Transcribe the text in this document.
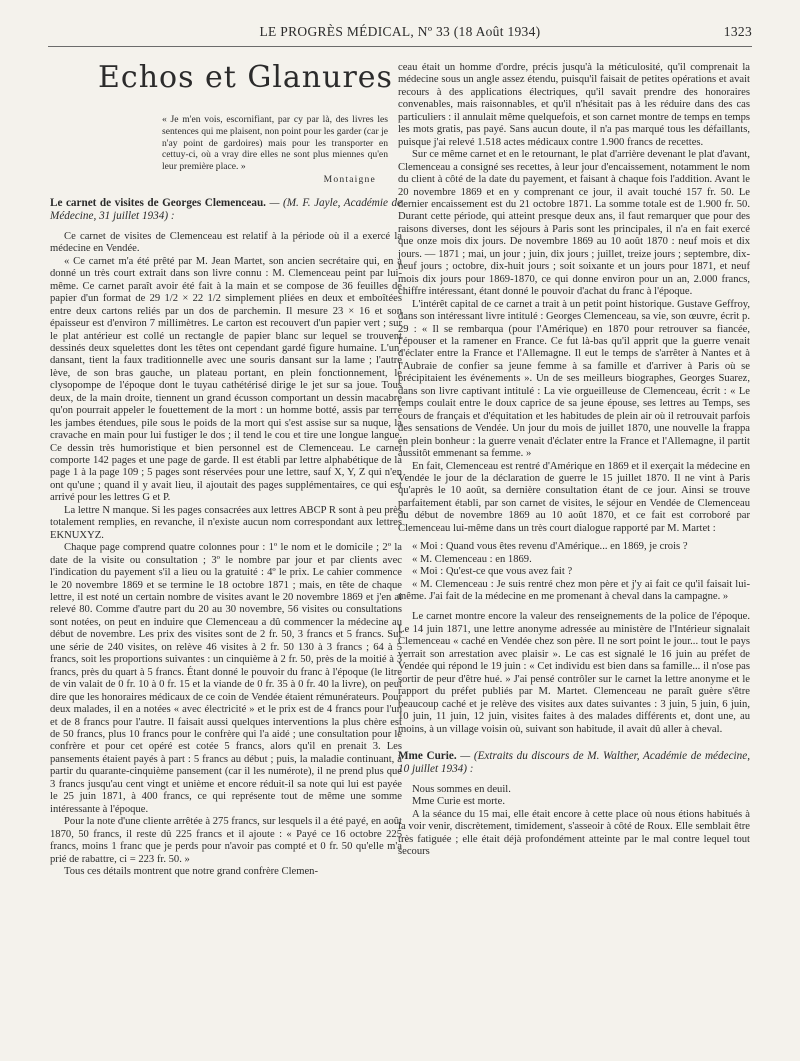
LE PROGRÈS MÉDICAL, Nº 33 (18 Août 1934)	1323
Echos et Glanures
« Je m'en vois, escornifiant, par cy par là, des livres les sentences qui me plaisent, non point pour les garder (car je n'ay point de gardoires) mais pour les transporter en cettuy-ci, où a vray dire elles ne sont plus miennes qu'en leur première place. »
Montaigne
Le carnet de visites de Georges Clemenceau. — (M. F. Jayle, Académie de Médecine, 31 juillet 1934) :

Ce carnet de visites de Clemenceau est relatif à la période où il a exercé la médecine en Vendée.

« Ce carnet m'a été prêté par M. Jean Martet, son ancien secrétaire qui, en a donné un très court extrait dans son livre connu : M. Clemenceau peint par lui-même. Ce carnet paraît avoir été fait à la main et se compose de 36 feuilles de papier d'un format de 29 1/2 × 22 1/2 simplement pliées en deux et emboîtées entre deux cartons reliés par un dos de parchemin. Il mesure 23 × 16 et son épaisseur est d'environ 7 millimètres. Le carton est recouvert d'un papier vert ; sur le plat antérieur est collé un rectangle de papier blanc sur lequel se trouvent dessinés deux squelettes dont les têtes ont cependant gardé figure humaine. L'un, dansant, tient la faux traditionnelle avec une souris dansant sur la lame ; l'autre lève, de son bras gauche, un plateau portant, en plein fonctionnement, le clysopompe de l'époque dont le tuyau cathétérisé dirige le jet sur sa joue. Tous deux, de la main droite, tiennent un grand écusson comportant un dessin macabre qu'on pourrait appeler le fouettement de la mort : un homme botté, assis par terre les jambes étendues, pile sous le poids de la mort qui s'est assise sur sa nuque, la cravache en main pour lui fustiger le dos ; il tend le cou et tire une longue langue. Ce dessin très humoristique et bien personnel est de Clemenceau. Le carnet comporte 142 pages et une page de garde. Il est établi par lettre alphabétique de la page 1 à la page 109 ; 5 pages sont réservées pour une lettre, sauf X, Y, Z qui n'en ont qu'une ; quand il y avait lieu, il ajoutait des pages supplémentaires, ce qui est arrivé pour les lettres G et P.

La lettre N manque. Si les pages consacrées aux lettres ABCP R sont à peu près totalement remplies, en revanche, il n'existe aucun nom correspondant aux lettres EKNUXYZ.

Chaque page comprend quatre colonnes pour : 1º le nom et le domicile ; 2º la date de la visite ou consultation ; 3º le nombre par jour et par clients avec l'indication du payement s'il a lieu ou la gratuité : 4º le prix. Le cahier commence le 20 novembre 1869 et se termine le 18 octobre 1871 ; mais, en tête de chaque lettre, il est noté un certain nombre de visites avant le 20 novembre 1869 et j'en ai relevé 80. Comme d'autre part du 20 au 30 novembre, 56 visites ou consultations sont notées, on peut en induire que Clemenceau a dû commencer la médecine au début de novembre. Les prix des visites sont de 2 fr. 50, 3 francs et 5 francs. Sur une série de 240 visites, on relève 46 visites à 2 fr. 50 130 à 3 francs ; 64 à 5 francs, soit les proportions suivantes : un cinquième à 2 fr. 50, près de la moitié à 3 francs, près du quart à 5 francs. Étant donné le pouvoir du franc à l'époque (le litre de vin valait de 0 fr. 10 à 0 fr. 15 et la viande de 0 fr. 35 à 0 fr. 40 la livre), on peut dire que les honoraires médicaux de ce coin de Vendée étaient rémunérateurs. Pour deux malades, il en a notées « avec électricité » et le prix est de 4 francs pour l'un et de 8 francs pour l'autre. Il faisait aussi quelques interventions la plus chère est de 50 francs, plus 10 francs pour le confrère qui l'a aidé ; une consultation pour le confrère et pour cet opéré est cotée 5 francs, alors qu'il en prenait 3. Les pansements étaient payés à part : 5 francs au début ; puis, la maladie continuant, à partir du quarante-cinquième pansement (car il les numérote), il ne prend plus que 3 francs jusqu'au cent vingt et unième et encore réduit-il sa note qui lui est payée le 25 juin 1871, à 400 francs, ce qui représente tout de même une somme intéressante à l'époque.

Pour la note d'une cliente arrêtée à 275 francs, sur lesquels il a été payé, en août 1870, 50 francs, il reste dû 225 francs et il ajoute : « Payé ce 16 octobre 225 francs, moins 1 franc que je perds pour n'avoir pas compté et 0 fr. 50 qu'elle m'a prié de rabattre, ci = 223 fr. 50. »

Tous ces détails montrent que notre grand confrère Clemen-

ceau était un homme d'ordre, précis jusqu'à la méticulosité, qu'il comprenait la médecine sous un angle assez étendu, puisqu'il faisait de petites opérations et avait recours à des applications électriques, qu'il savait prendre des honoraires convenables, mais raisonnables, et qu'il n'hésitait pas à les réduire dans des cas particuliers : il annulait même quelquefois, et son carnet montre de temps en temps les mots gratis, pas payé. Sans aucun doute, il n'a pas marqué tous les défaillants, puisque j'ai relevé 1.518 actes médicaux contre 1.900 francs de recettes.

Sur ce même carnet et en le retournant, le plat d'arrière devenant le plat d'avant, Clemenceau a consigné ses recettes, à leur jour d'encaissement, notamment le nom du client à côté de la date du payement, et faisant à chaque fois l'addition. Avant le 20 novembre 1869 et en y comprenant ce jour, il avait touché 157 fr. 50. Le dernier encaissement est du 21 octobre 1871. La somme totale est de 1.900 fr. 50. Durant cette période, qui atteint presque deux ans, il faut remarquer que pour des raisons diverses, dont les séjours à Paris sont les principales, il n'a en fait exercé que onze mois dix jours. De novembre 1869 au 10 août 1870 : neuf mois et dix jours. — 1871 ; mai, un jour ; juin, dix jours ; juillet, treize jours ; septembre, dix-neuf jours ; octobre, dix-huit jours ; soit soixante et un jours pour 1871, et neuf mois dix jours pour 1869-1870, ce qui donne environ pour un an, 2.000 francs, chiffre intéressant, étant donné le pouvoir d'achat du franc à l'époque.

L'intérêt capital de ce carnet a trait à un petit point historique. Gustave Geffroy, dans son intéressant livre intitulé : Georges Clemenceau, sa vie, son œuvre, écrit p. 29 : « Il se rembarqua (pour l'Amérique) en 1870 pour retrouver sa fiancée, l'épouser et la ramener en France. Ce fut là-bas qu'il apprit que la guerre venait d'éclater entre la France et l'Allemagne. Il eut le temps de s'arrêter à Nantes et à l'Aubraie de confier sa jeune femme à sa famille et d'arriver à Paris où se précipitaient les événements ». Un de ses meilleurs biographes, Georges Suarez, dans son livre captivant intitulé : La vie orgueilleuse de Clemenceau, écrit : « Le temps coulait entre le doux caprice de sa jeune épouse, ses lettres au Temps, ses cours de français et d'équitation et les habitudes de plein air où il retrouvait parfois des sensations de Vendée. Un jour du mois de juillet 1870, une nouvelle la frappa en plein bonheur : la guerre venait d'éclater entre la France et l'Allemagne, il partit aussitôt emmenant sa femme. »

En fait, Clemenceau est rentré d'Amérique en 1869 et il exerçait la médecine en Vendée le jour de la déclaration de guerre le 15 juillet 1870. Il ne vint à Paris qu'après le 10 août, sa dernière consultation étant de ce jour. Ainsi se trouve parfaitement établi, par son carnet de visites, le séjour en Vendée de Clemenceau du début de novembre 1869 au 10 août 1870, et ce fait est corroboré par Clemenceau lui-même dans un très court dialogue rapporté par M. Martet :

« Moi : Quand vous êtes revenu d'Amérique... en 1869, je crois ?

« M. Clemenceau : en 1869.

« Moi : Qu'est-ce que vous avez fait ?

« M. Clemenceau : Je suis rentré chez mon père et j'y ai fait ce qu'il faisait lui-même. J'ai fait de la médecine en me promenant à cheval dans la campagne. »

Le carnet montre encore la valeur des renseignements de la police de l'époque. Le 14 juin 1871, une lettre anonyme adressée au ministère de l'Intérieur signalait Clemenceau « caché en Vendée chez son père. Il ne sort point le jour... tout le pays verrait son arrestation avec plaisir ». Le cas est signalé le 16 juin au préfet de Vendée qui répond le 19 juin : « Cet individu est bien dans sa famille... il n'ose pas sortir de peur d'être hué. » J'ai pensé contrôler sur le carnet la lettre anonyme et le rapport du préfet publiés par M. Martet. Clemenceau ne paraît guère s'être beaucoup caché et je relève des visites aux dates suivantes : 3 juin, 5 juin, 6 juin, 10 juin, 11 juin, 12 juin, visites faites à des malades différents et, dont une, au moins, à un village voisin où, suivant son habitude, il avait dû aller à cheval.

Mme Curie. — (Extraits du discours de M. Walther, Académie de médecine, 10 juillet 1934) :

Nous sommes en deuil.

Mme Curie est morte.

A la séance du 15 mai, elle était encore à cette place où nous étions habitués à la voir venir, discrètement, timidement, s'asseoir à côté de Roux. Elle semblait être très fatiguée ; elle était déjà profondément atteinte par le mal contre lequel tout secours
